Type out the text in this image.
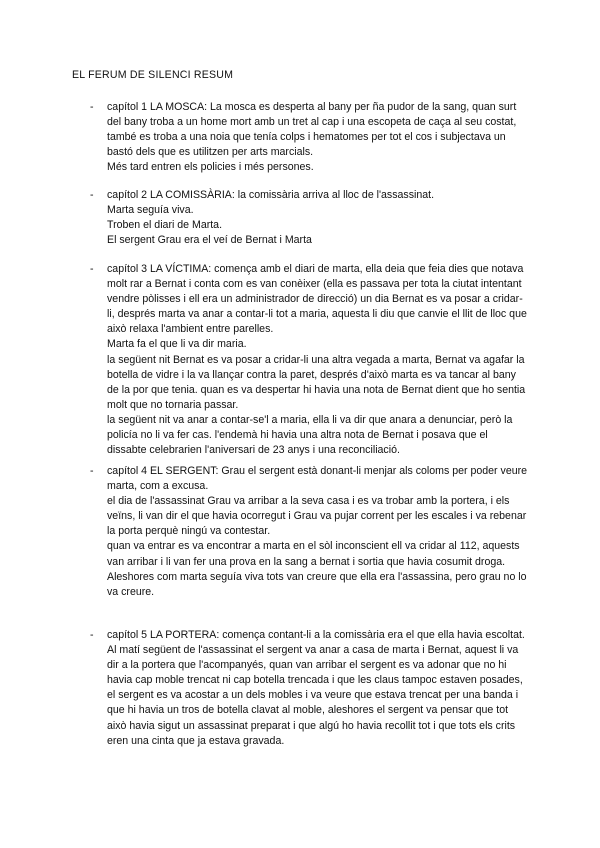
EL FERUM DE SILENCI RESUM
-	capítol 1 LA MOSCA: La mosca es desperta al bany per ña pudor de la sang, quan surt del bany troba a un home mort amb un tret al cap i una escopeta de caça al seu costat, també es troba a una noia que tenía colps i hematomes per tot el cos i subjectava un bastó dels que es utilitzen per arts marcials.

Més tard entren els policies i més persones.

-	capítol 2 LA COMISSÀRIA: la comissària arriva al lloc de l'assassinat.

Marta seguía viva.

Troben el diari de Marta.

El sergent Grau era el veí de Bernat i Marta

-	capítol 3 LA VÍCTIMA: comença amb el diari de marta, ella deia que feia dies que notava molt rar a Bernat i conta com es van conèixer (ella es passava per tota la ciutat intentant vendre pòlisses i ell era un administrador de direcció) un dia Bernat es va posar a cridar-li, després marta va anar a contar-li tot a maria, aquesta li diu que canvie el llit de lloc que això relaxa l'ambient entre parelles.

Marta fa el que li va dir maria.

la següent nit Bernat es va posar a cridar-li una altra vegada a marta, Bernat va agafar la botella de vidre i la va llançar contra la paret, després d'això marta es va tancar al bany de la por que tenia. quan es va despertar hi havia una nota de Bernat dient que ho sentia molt que no tornaria passar.

la següent nit va anar a contar-se'l a maria, ella li va dir que anara a denunciar, però la policía no li va fer cas. l'endemà hi havia una altra nota de Bernat i posava que el dissabte celebrarien l'aniversari de 23 anys i una reconciliació.

-	capítol 4 EL SERGENT: Grau el sergent està donant-li menjar als coloms per poder veure marta, com a excusa.

el dia de l'assassinat Grau va arribar a la seva casa i es va trobar amb la portera, i els veïns, li van dir el que havia ocorregut i Grau va pujar corrent per les escales i va rebenar la porta perquè ningú va contestar.

quan va entrar es va encontrar a marta en el sòl inconscient ell va cridar al 112, aquests van arribar i li van fer una prova en la sang a bernat i sortia que havia cosumit droga.

Aleshores com marta seguía viva tots van creure que ella era l'assassina, pero grau no lo va creure.

-	capítol 5 LA PORTERA: comença contant-li a la comissària era el que ella havia escoltat.

Al matí següent de l'assassinat el sergent va anar a casa de marta i Bernat, aquest li va dir a la portera que l'acompanyés, quan van arribar el sergent es va adonar que no hi havia cap moble trencat ni cap botella trencada i que les claus tampoc estaven posades, el sergent es va acostar a un dels mobles i va veure que estava trencat per una banda i que hi havia un tros de botella clavat al moble, aleshores el sergent va pensar que tot això havia sigut un assassinat preparat i que algú ho havia recollit tot i que tots els crits eren una cinta que ja estava gravada.
